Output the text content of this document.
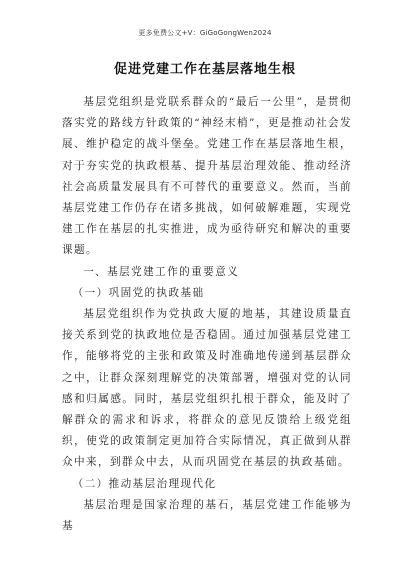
更多免费公文+V：GiGoGongWen2024
促进党建工作在基层落地生根

基层党组织是党联系群众的“最后一公里”，是贯彻落实党的路线方针政策的“神经末梢”，更是推动社会发展、维护稳定的战斗堡垒。党建工作在基层落地生根，对于夯实党的执政根基、提升基层治理效能、推动经济社会高质量发展具有不可替代的重要意义。然而，当前基层党建工作仍存在诸多挑战，如何破解难题，实现党建工作在基层的扎实推进，成为亟待研究和解决的重要课题。

一、基层党建工作的重要意义

（一）巩固党的执政基础

基层党组织作为党执政大厦的地基，其建设质量直接关系到党的执政地位是否稳固。通过加强基层党建工作，能够将党的主张和政策及时准确地传递到基层群众之中，让群众深刻理解党的决策部署，增强对党的认同感和归属感。同时，基层党组织扎根于群众，能及时了解群众的需求和诉求，将群众的意见反馈给上级党组织，使党的政策制定更加符合实际情况，真正做到从群众中来，到群众中去，从而巩固党在基层的执政基础。

（二）推动基层治理现代化

基层治理是国家治理的基石，基层党建工作能够为基
